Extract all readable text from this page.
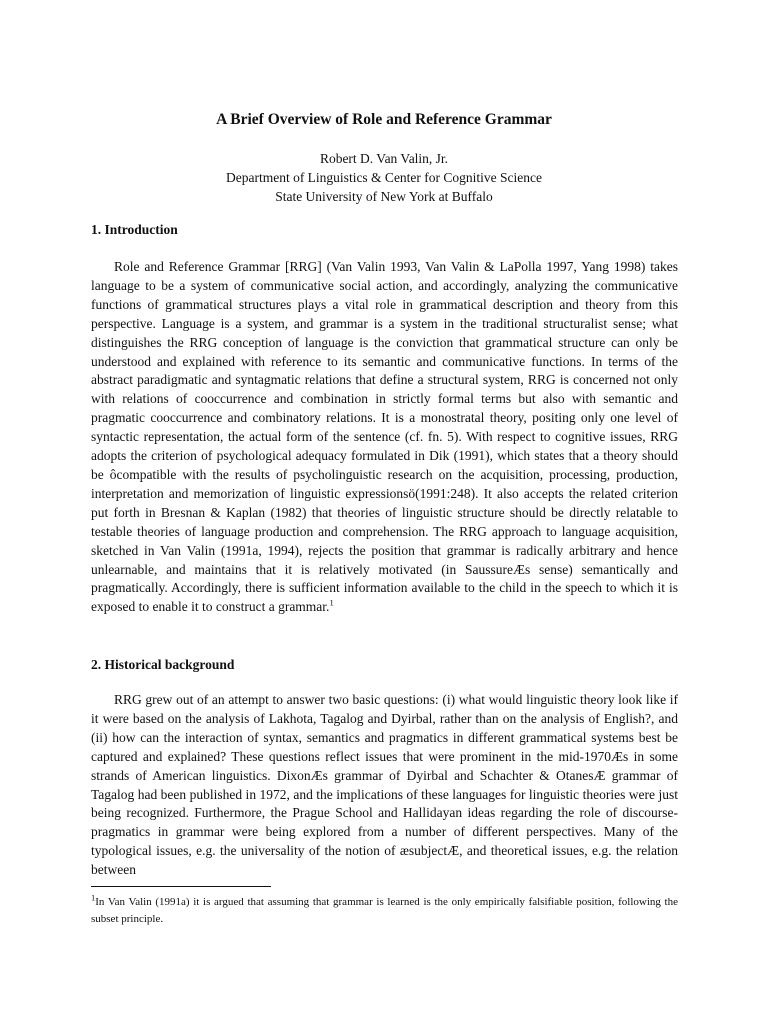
A Brief Overview of Role and Reference Grammar
Robert D. Van Valin, Jr.
Department of Linguistics & Center for Cognitive Science
State University of New York at Buffalo
1. Introduction

Role and Reference Grammar [RRG] (Van Valin 1993, Van Valin & LaPolla 1997, Yang 1998) takes language to be a system of communicative social action, and accordingly, analyzing the communicative functions of grammatical structures plays a vital role in grammatical description and theory from this perspective. Language is a system, and grammar is a system in the traditional structuralist sense; what distinguishes the RRG conception of language is the conviction that grammatical structure can only be understood and explained with reference to its semantic and communicative functions. In terms of the abstract paradigmatic and syntagmatic relations that define a structural system, RRG is concerned not only with relations of cooccurrence and combination in strictly formal terms but also with semantic and pragmatic cooccurrence and combinatory relations. It is a monostratal theory, positing only one level of syntactic representation, the actual form of the sentence (cf. fn. 5). With respect to cognitive issues, RRG adopts the criterion of psychological adequacy formulated in Dik (1991), which states that a theory should be ôcompatible with the results of psycholinguistic research on the acquisition, processing, production, interpretation and memorization of linguistic expressionsö(1991:248). It also accepts the related criterion put forth in Bresnan & Kaplan (1982) that theories of linguistic structure should be directly relatable to testable theories of language production and comprehension. The RRG approach to language acquisition, sketched in Van Valin (1991a, 1994), rejects the position that grammar is radically arbitrary and hence unlearnable, and maintains that it is relatively motivated (in SaussureÆs sense) semantically and pragmatically. Accordingly, there is sufficient information available to the child in the speech to which it is exposed to enable it to construct a grammar.$^1$

2. Historical background

RRG grew out of an attempt to answer two basic questions: (i) what would linguistic theory look like if it were based on the analysis of Lakhota, Tagalog and Dyirbal, rather than on the analysis of English?, and (ii) how can the interaction of syntax, semantics and pragmatics in different grammatical systems best be captured and explained? These questions reflect issues that were prominent in the mid-1970Æs in some strands of American linguistics. DixonÆs grammar of Dyirbal and Schachter & OtanesÆ grammar of Tagalog had been published in 1972, and the implications of these languages for linguistic theories were just being recognized. Furthermore, the Prague School and Hallidayan ideas regarding the role of discourse-pragmatics in grammar were being explored from a number of different perspectives. Many of the typological issues, e.g. the universality of the notion of æsubjectÆ, and theoretical issues, e.g. the relation between

$^1$In Van Valin (1991a) it is argued that assuming that grammar is learned is the only empirically falsifiable position, following the subset principle.
